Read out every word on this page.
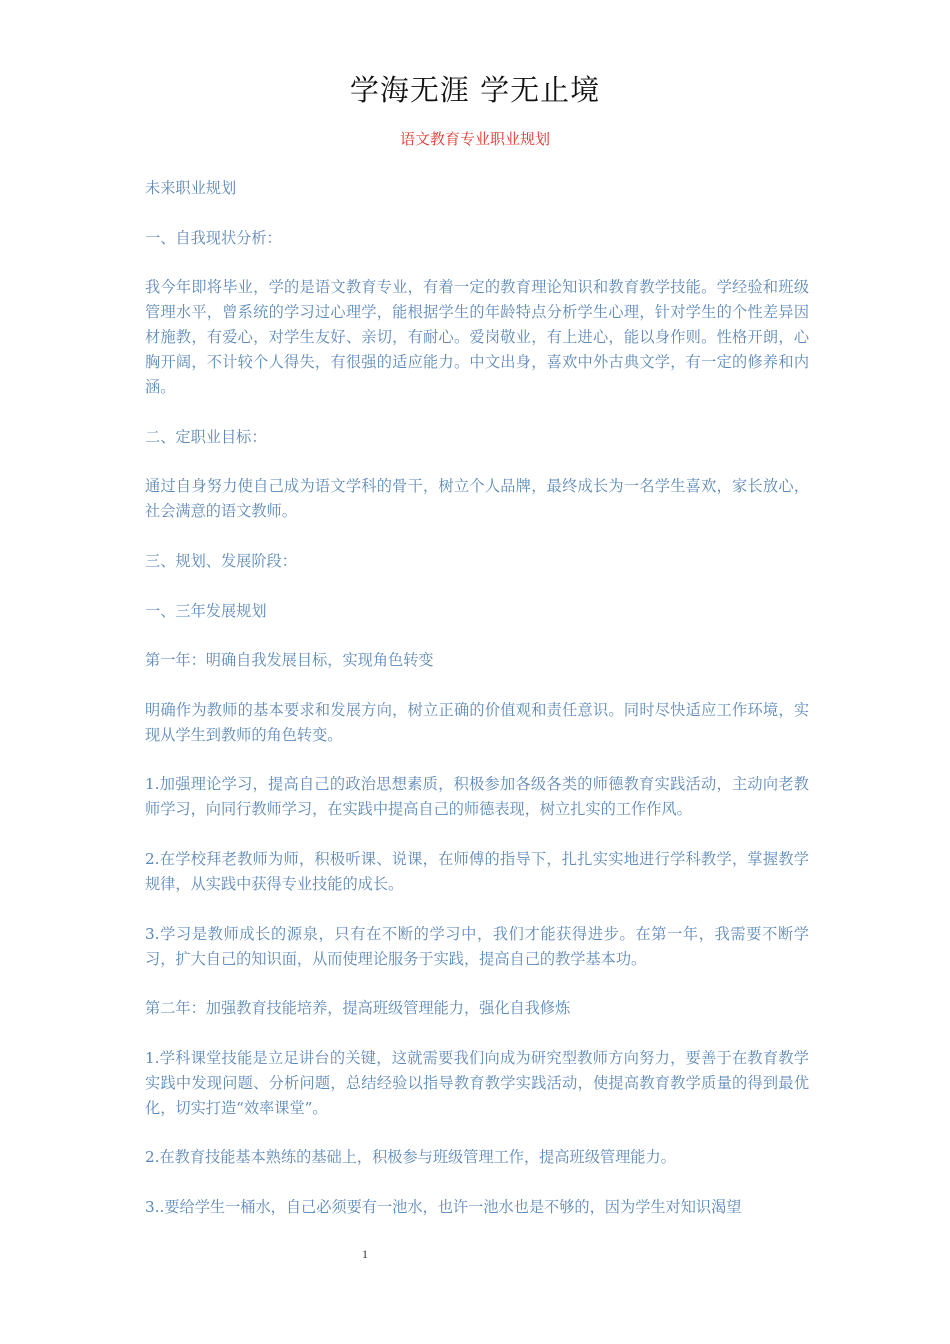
学海无涯 学无止境
语文教育专业职业规划

未来职业规划

一、自我现状分析：

我今年即将毕业，学的是语文教育专业，有着一定的教育理论知识和教育教学技能。学经验和班级管理水平，曾系统的学习过心理学，能根据学生的年龄特点分析学生心理，针对学生的个性差异因材施教，有爱心，对学生友好、亲切，有耐心。爱岗敬业，有上进心，能以身作则。性格开朗，心胸开阔，不计较个人得失，有很强的适应能力。中文出身，喜欢中外古典文学，有一定的修养和内涵。

二、定职业目标：

通过自身努力使自己成为语文学科的骨干，树立个人品牌，最终成长为一名学生喜欢，家长放心，社会满意的语文教师。

三、规划、发展阶段：

一、三年发展规划

第一年：明确自我发展目标，实现角色转变

明确作为教师的基本要求和发展方向，树立正确的价值观和责任意识。同时尽快适应工作环境，实现从学生到教师的角色转变。

1.加强理论学习，提高自己的政治思想素质，积极参加各级各类的师德教育实践活动，主动向老教师学习，向同行教师学习，在实践中提高自己的师德表现，树立扎实的工作作风。

2.在学校拜老教师为师，积极听课、说课，在师傅的指导下，扎扎实实地进行学科教学，掌握教学规律，从实践中获得专业技能的成长。

3.学习是教师成长的源泉，只有在不断的学习中，我们才能获得进步。在第一年，我需要不断学习，扩大自己的知识面，从而使理论服务于实践，提高自己的教学基本功。

第二年：加强教育技能培养，提高班级管理能力，强化自我修炼

1.学科课堂技能是立足讲台的关键，这就需要我们向成为研究型教师方向努力，要善于在教育教学实践中发现问题、分析问题，总结经验以指导教育教学实践活动，使提高教育教学质量的得到最优化，切实打造“效率课堂”。

2.在教育技能基本熟练的基础上，积极参与班级管理工作，提高班级管理能力。

3..要给学生一桶水，自己必须要有一池水，也许一池水也是不够的，因为学生对知识渴望

1
